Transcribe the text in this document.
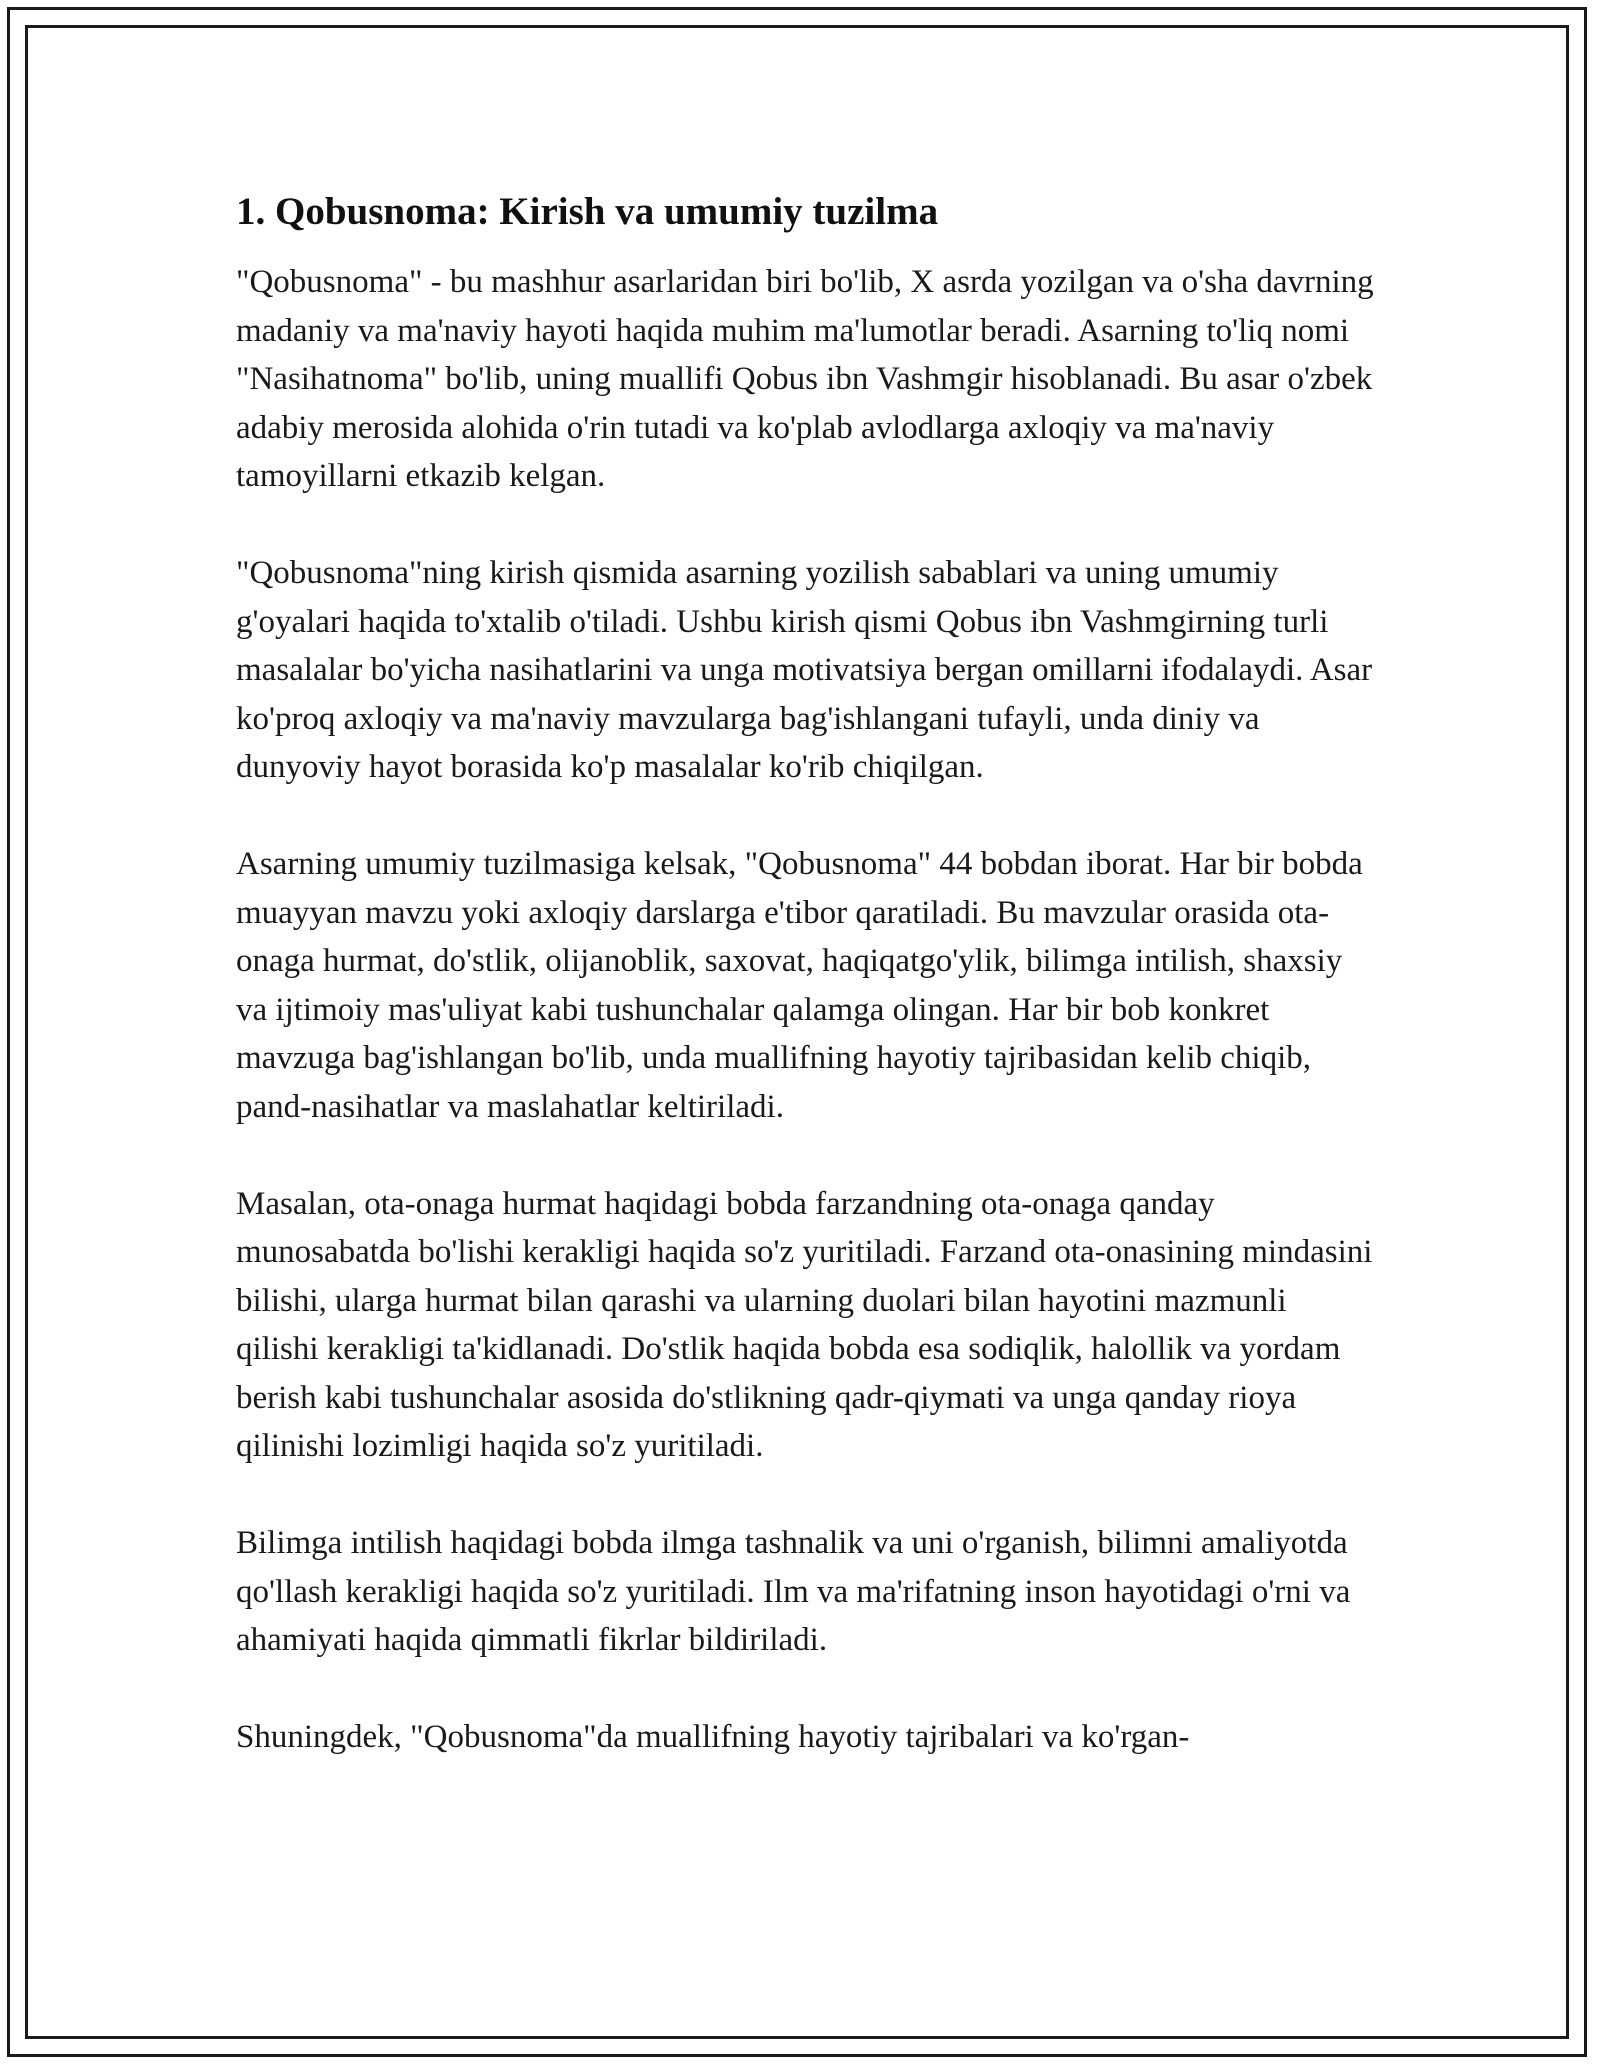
1. Qobusnoma: Kirish va umumiy tuzilma

"Qobusnoma" - bu mashhur asarlaridan biri bo'lib, X asrda yozilgan va o'sha davrning madaniy va ma'naviy hayoti haqida muhim ma'lumotlar beradi. Asarning to'liq nomi "Nasihatnoma" bo'lib, uning muallifi Qobus ibn Vashmgir hisoblanadi. Bu asar o'zbek adabiy merosida alohida o'rin tutadi va ko'plab avlodlarga axloqiy va ma'naviy tamoyillarni etkazib kelgan.

"Qobusnoma"ning kirish qismida asarning yozilish sabablari va uning umumiy g'oyalari haqida to'xtalib o'tiladi. Ushbu kirish qismi Qobus ibn Vashmgirning turli masalalar bo'yicha nasihatlarini va unga motivatsiya bergan omillarni ifodalaydi. Asar ko'proq axloqiy va ma'naviy mavzularga bag'ishlangani tufayli, unda diniy va dunyoviy hayot borasida ko'p masalalar ko'rib chiqilgan.

Asarning umumiy tuzilmasiga kelsak, "Qobusnoma" 44 bobdan iborat. Har bir bobda muayyan mavzu yoki axloqiy darslarga e'tibor qaratiladi. Bu mavzular orasida ota-onaga hurmat, do'stlik, olijanoblik, saxovat, haqiqatgo'ylik, bilimga intilish, shaxsiy va ijtimoiy mas'uliyat kabi tushunchalar qalamga olingan. Har bir bob konkret mavzuga bag'ishlangan bo'lib, unda muallifning hayotiy tajribasidan kelib chiqib, pand-nasihatlar va maslahatlar keltiriladi.

Masalan, ota-onaga hurmat haqidagi bobda farzandning ota-onaga qanday munosabatda bo'lishi kerakligi haqida so'z yuritiladi. Farzand ota-onasining mindasini bilishi, ularga hurmat bilan qarashi va ularning duolari bilan hayotini mazmunli qilishi kerakligi ta'kidlanadi. Do'stlik haqida bobda esa sodiqlik, halollik va yordam berish kabi tushunchalar asosida do'stlikning qadr-qiymati va unga qanday rioya qilinishi lozimligi haqida so'z yuritiladi.

Bilimga intilish haqidagi bobda ilmga tashnalik va uni o'rganish, bilimni amaliyotda qo'llash kerakligi haqida so'z yuritiladi. Ilm va ma'rifatning inson hayotidagi o'rni va ahamiyati haqida qimmatli fikrlar bildiriladi.

Shuningdek, "Qobusnoma"da muallifning hayotiy tajribalari va ko'rgan-
